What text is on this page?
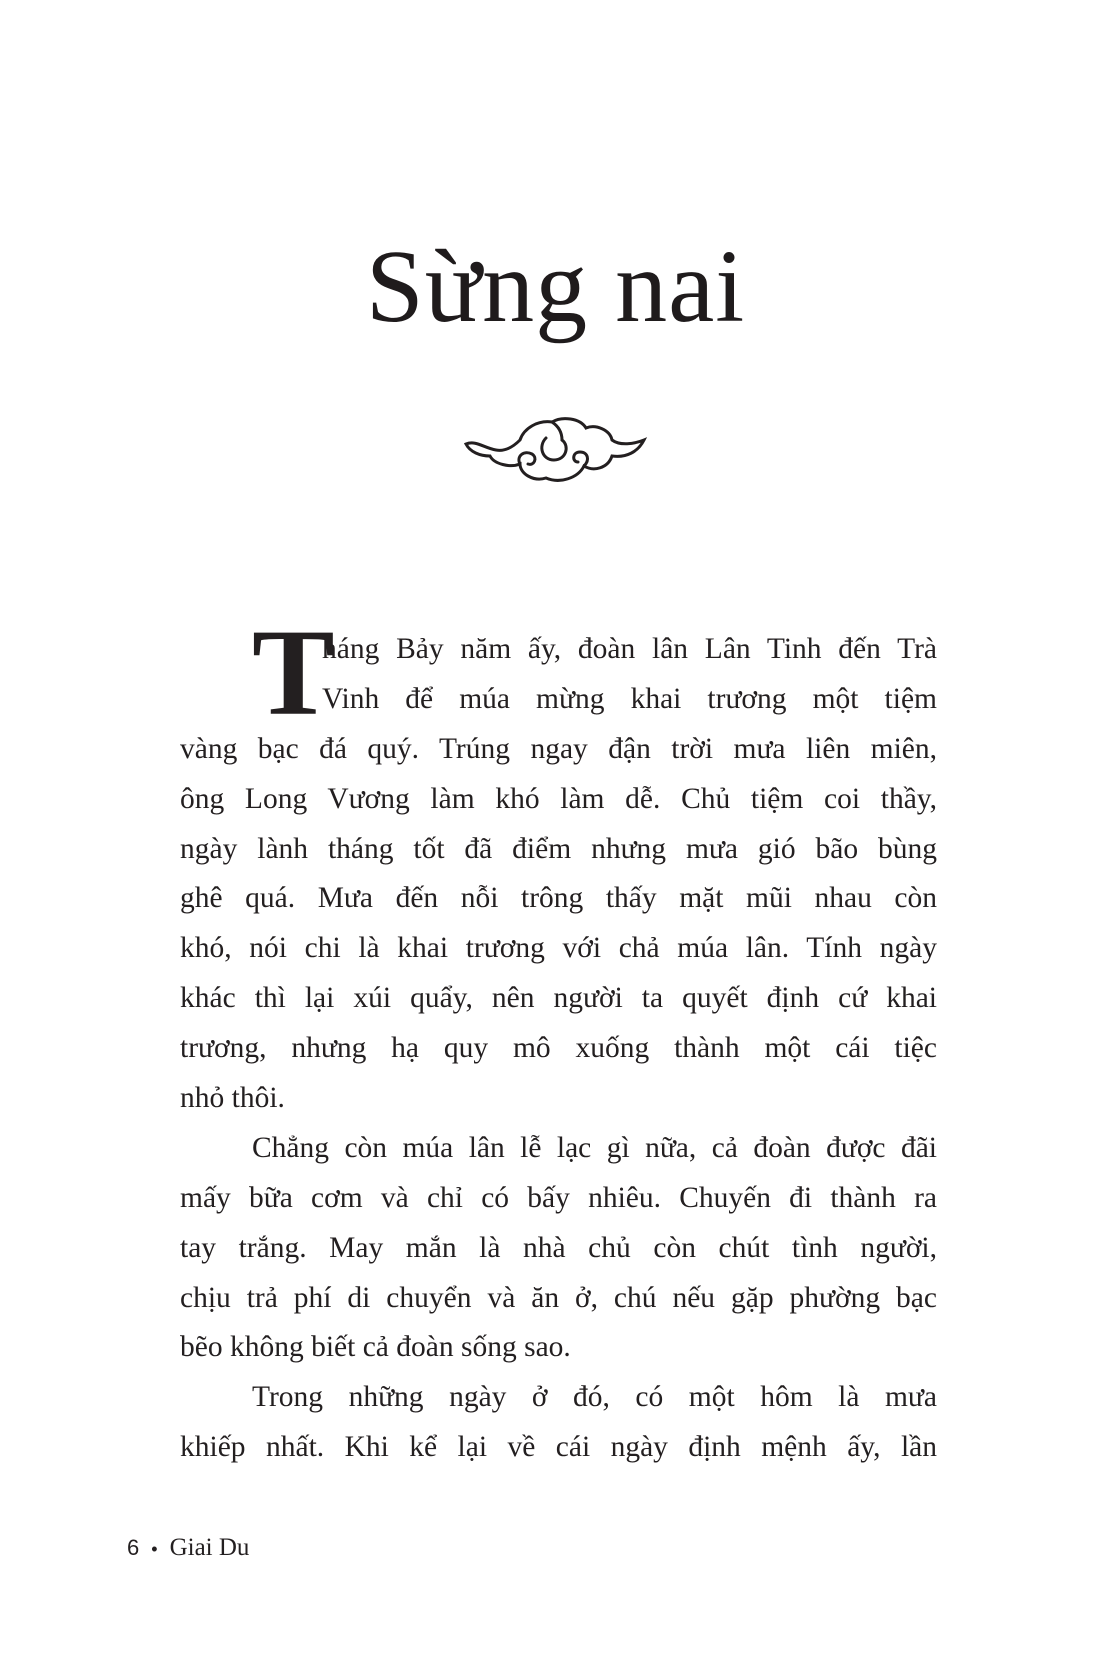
Sừng nai
T
háng Bảy năm ấy, đoàn lân Lân Tinh đến Trà
Vinh để múa mừng khai trương một tiệm
vàng bạc đá quý. Trúng ngay đận trời mưa liên miên,
ông Long Vương làm khó làm dễ. Chủ tiệm coi thầy,
ngày lành tháng tốt đã điểm nhưng mưa gió bão bùng
ghê quá. Mưa đến nỗi trông thấy mặt mũi nhau còn
khó, nói chi là khai trương với chả múa lân. Tính ngày
khác thì lại xúi quẩy, nên người ta quyết định cứ khai
trương, nhưng hạ quy mô xuống thành một cái tiệc
nhỏ thôi.
Chẳng còn múa lân lễ lạc gì nữa, cả đoàn được đãi
mấy bữa cơm và chỉ có bấy nhiêu. Chuyến đi thành ra
tay trắng. May mắn là nhà chủ còn chút tình người,
chịu trả phí di chuyển và ăn ở, chú nếu gặp phường bạc
bẽo không biết cả đoàn sống sao.
Trong những ngày ở đó, có một hôm là mưa
khiếp nhất. Khi kể lại về cái ngày định mệnh ấy, lần
6 • Giai Du
